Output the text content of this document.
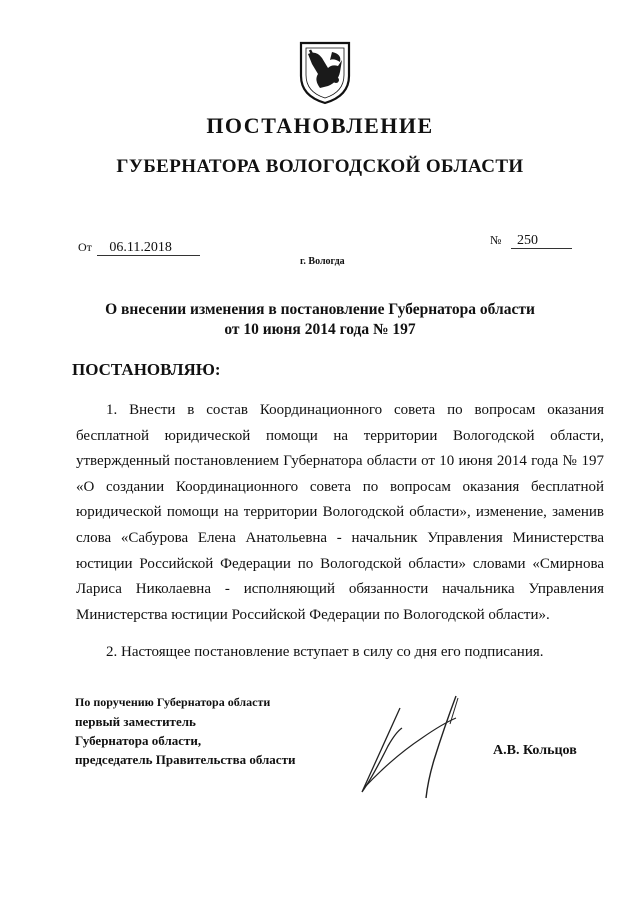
ПОСТАНОВЛЕНИЕ
ГУБЕРНАТОРА ВОЛОГОДСКОЙ ОБЛАСТИ
От 06.11.2018	№ 250
г. Вологда
О внесении изменения в постановление Губернатора области
от 10 июня 2014 года № 197
ПОСТАНОВЛЯЮ:

1. Внести в состав Координационного совета по вопросам оказания бесплатной юридической помощи на территории Вологодской области, утвержденный постановлением Губернатора области от 10 июня 2014 года № 197 «О создании Координационного совета по вопросам оказания бесплатной юридической помощи на территории Вологодской области», изменение, заменив слова «Сабурова Елена Анатольевна - начальник Управления Министерства юстиции Российской Федерации по Вологодской области» словами «Смирнова Лариса Николаевна - исполняющий обязанности начальника Управления Министерства юстиции Российской Федерации по Вологодской области».

2. Настоящее постановление вступает в силу со дня его подписания.

По поручению Губернатора области
первый заместитель
Губернатора области,
председатель Правительства области
А.В. Кольцов
